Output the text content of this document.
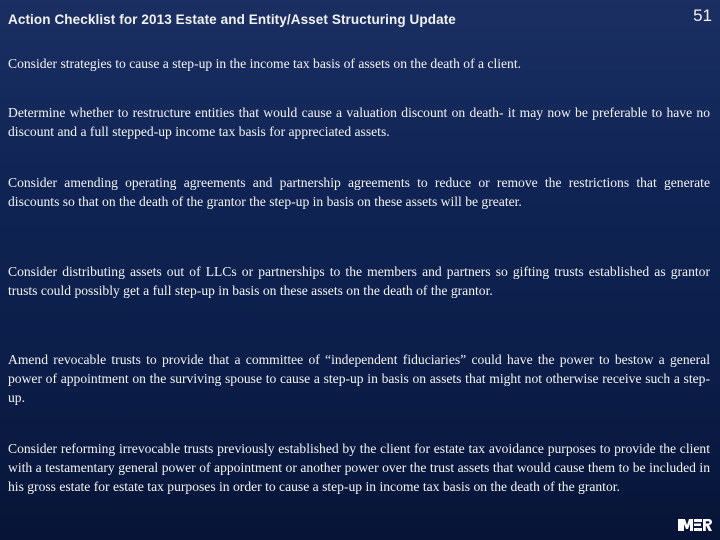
Action Checklist for 2013 Estate and Entity/Asset Structuring Update	51

Consider strategies to cause a step-up in the income tax basis of assets on the death of a client.

Determine whether to restructure entities that would cause a valuation discount on death- it may now be preferable to have no discount and a full stepped-up income tax basis for appreciated assets.

Consider amending operating agreements and partnership agreements to reduce or remove the restrictions that generate discounts so that on the death of the grantor the step-up in basis on these assets will be greater.

Consider distributing assets out of LLCs or partnerships to the members and partners so gifting trusts established as grantor trusts could possibly get a full step-up in basis on these assets on the death of the grantor.

Amend revocable trusts to provide that a committee of “independent fiduciaries” could have the power to bestow a general power of appointment on the surviving spouse to cause a step-up in basis on assets that might not otherwise receive such a step-up.

Consider reforming irrevocable trusts previously established by the client for estate tax avoidance purposes to provide the client with a testamentary general power of appointment or another power over the trust assets that would cause them to be included in his gross estate for estate tax purposes in order to cause a step-up in income tax basis on the death of the grantor.
